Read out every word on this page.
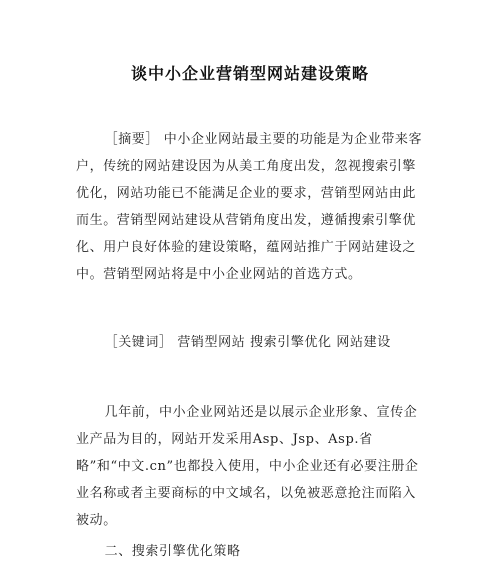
谈中小企业营销型网站建设策略

［摘要］ 中小企业网站最主要的功能是为企业带来客户，传统的网站建设因为从美工角度出发，忽视搜索引擎优化，网站功能已不能满足企业的要求，营销型网站由此而生。营销型网站建设从营销角度出发，遵循搜索引擎优化、用户良好体验的建设策略，蕴网站推广于网站建设之中。营销型网站将是中小企业网站的首选方式。

［关键词］ 营销型网站 搜索引擎优化 网站建设

几年前，中小企业网站还是以展示企业形象、宣传企业产品为目的，网站开发采用Asp、Jsp、Asp.省略”和“中文.cn”也都投入使用，中小企业还有必要注册企业名称或者主要商标的中文域名，以免被恶意抢注而陷入被动。

二、搜索引擎优化策略
